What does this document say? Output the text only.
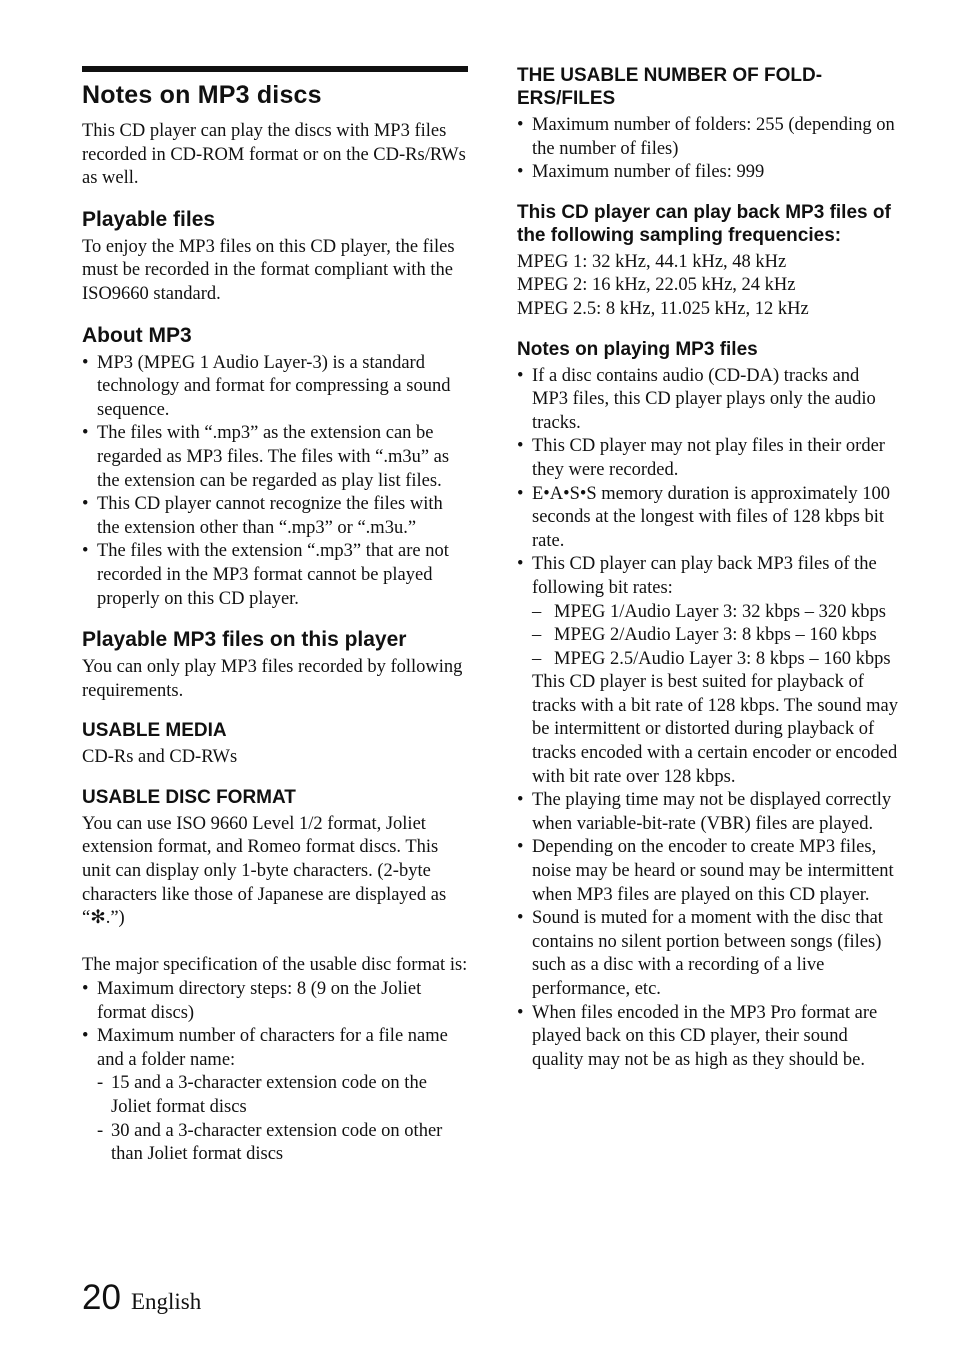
Notes on MP3 discs

This CD player can play the discs with MP3 files recorded in CD-ROM format or on the CD-Rs/RWs as well.

Playable files

To enjoy the MP3 files on this CD player, the files must be recorded in the format compliant with the ISO9660 standard.

About MP3
• MP3 (MPEG 1 Audio Layer-3) is a standard technology and format for compressing a sound sequence.
• The files with “.mp3” as the extension can be regarded as MP3 files. The files with “.m3u” as the extension can be regarded as play list files.
• This CD player cannot recognize the files with the extension other than “.mp3” or “.m3u.”
• The files with the extension “.mp3” that are not recorded in the MP3 format cannot be played properly on this CD player.
Playable MP3 files on this player

You can only play MP3 files recorded by following requirements.

USABLE MEDIA

CD-Rs and CD-RWs

USABLE DISC FORMAT

You can use ISO 9660 Level 1/2 format, Joliet extension format, and Romeo format discs. This unit can display only 1-byte characters. (2-byte characters like those of Japanese are displayed as “✻.”)

The major specification of the usable disc format is:

• Maximum directory steps: 8 (9 on the Joliet format discs)
• Maximum number of characters for a file name and a folder name:
- 15 and a 3-character extension code on the Joliet format discs
- 30 and a 3-character extension code on other than Joliet format discs
THE USABLE NUMBER OF FOLD-ERS/FILES
• Maximum number of folders: 255 (depending on the number of files)
• Maximum number of files: 999
This CD player can play back MP3 files of the following sampling frequencies:

MPEG 1: 32 kHz, 44.1 kHz, 48 kHz

MPEG 2: 16 kHz, 22.05 kHz, 24 kHz

MPEG 2.5: 8 kHz, 11.025 kHz, 12 kHz

Notes on playing MP3 files
• If a disc contains audio (CD-DA) tracks and MP3 files, this CD player plays only the audio tracks.
• This CD player may not play files in their order they were recorded.
• E•A•S•S memory duration is approximately 100 seconds at the longest with files of 128 kbps bit rate.
• This CD player can play back MP3 files of the following bit rates:
– MPEG 1/Audio Layer 3: 32 kbps – 320 kbps
– MPEG 2/Audio Layer 3: 8 kbps – 160 kbps
– MPEG 2.5/Audio Layer 3: 8 kbps – 160 kbps
This CD player is best suited for playback of tracks with a bit rate of 128 kbps. The sound may be intermittent or distorted during playback of tracks encoded with a certain encoder or encoded with bit rate over 128 kbps.
• The playing time may not be displayed correctly when variable-bit-rate (VBR) files are played.
• Depending on the encoder to create MP3 files, noise may be heard or sound may be intermittent when MP3 files are played on this CD player.
• Sound is muted for a moment with the disc that contains no silent portion between songs (files) such as a disc with a recording of a live performance, etc.
• When files encoded in the MP3 Pro format are played back on this CD player, their sound quality may not be as high as they should be.
20 English
